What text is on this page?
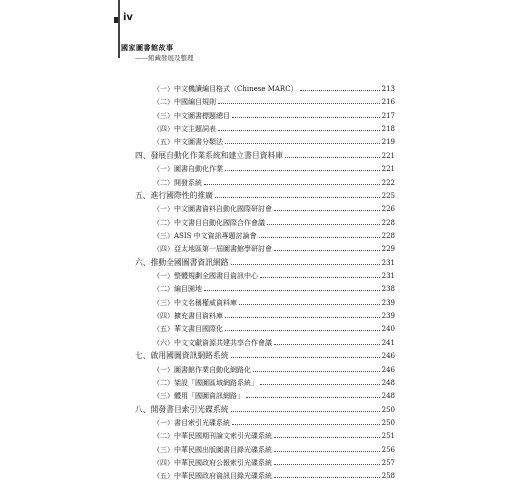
iv
國家圖書館故事
——館藏發展及整理
（一）中文機讀編目格式（Chinese MARC）	213
（二）中國編目規則	216
（三）中文圖書標題總目	217
（四）中文主題詞表	218
（五）中文圖書分類法	219
四、發展自動化作業系統和建立書目資料庫	221
（一）圖書自動化作業	221
（二）開發系統	222
五、進行國際性的推廣	225
（一）中文圖書資料自動化國際研討會	226
（二）中文書目自動化國際合作會議	228
（三）ASIS 中文資訊專題討論會	228
（四）亞太地區第一屆圖書館學研討會	229
六、推動全國圖書資訊網路	231
（一）整體規劃全國書目資訊中心	231
（二）編目園地	238
（三）中文名稱權威資料庫	239
（四）擴充書目資料庫	239
（五）華文書目國際化	240
（六）中文文獻資源共建共享合作會議	241
七、啟用國圖資訊網路系統	246
（一）圖書館作業自動化網路化	246
（二）架設「國圖區域網路系統」	248
（三）體用「國圖資訊網路」	248
八、開發書目索引光碟系統	250
（一）書目索引光碟系統	250
（二）中華民國期刊論文索引光碟系統	251
（三）中華民國出版圖書目錄光碟系統	256
（四）中華民國政府公報索引光碟系統	257
（五）中華民國政府資訊目錄光碟系統	258
